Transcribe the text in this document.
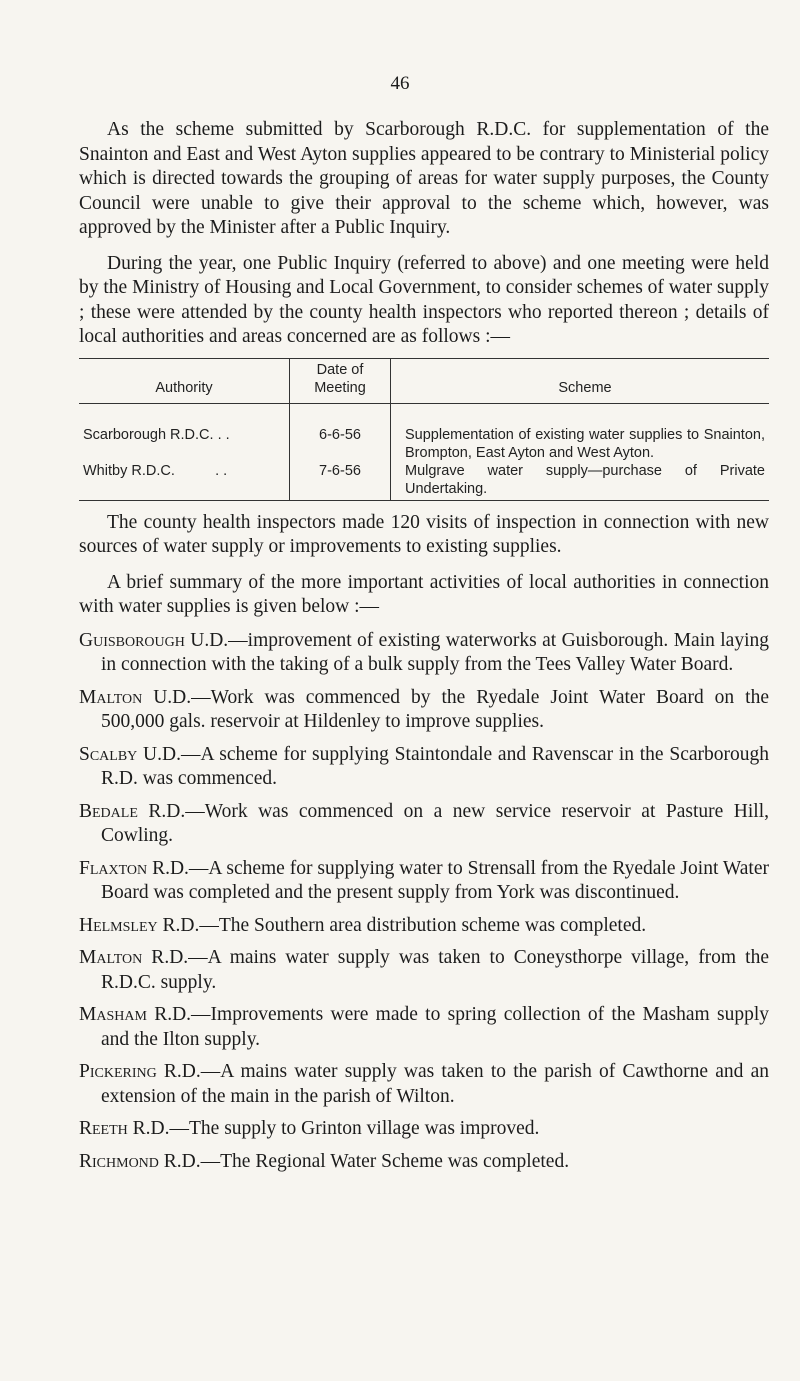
46

As the scheme submitted by Scarborough R.D.C. for supplementation of the Snainton and East and West Ayton supplies appeared to be contrary to Ministerial policy which is directed towards the grouping of areas for water supply purposes, the County Council were unable to give their approval to the scheme which, however, was approved by the Minister after a Public Inquiry.

During the year, one Public Inquiry (referred to above) and one meeting were held by the Ministry of Housing and Local Government, to consider schemes of water supply ; these were attended by the county health inspectors who reported thereon ; details of local authorities and areas concerned are as follows :—

Authority	Date of Meeting	Scheme
Scarborough R.D.C. . .	6-6-56	Supplementation of existing water supplies to Snainton, Brompton, East Ayton and West Ayton.
Whitby R.D.C.          . .	7-6-56	Mulgrave water supply—purchase of Private Undertaking.

The county health inspectors made 120 visits of inspection in connection with new sources of water supply or improvements to existing supplies.

A brief summary of the more important activities of local authorities in connection with water supplies is given below :—

Guisborough U.D.—improvement of existing waterworks at Guisborough. Main laying in connection with the taking of a bulk supply from the Tees Valley Water Board.

Malton U.D.—Work was commenced by the Ryedale Joint Water Board on the 500,000 gals. reservoir at Hildenley to improve supplies.

Scalby U.D.—A scheme for supplying Staintondale and Ravenscar in the Scarborough R.D. was commenced.

Bedale R.D.—Work was commenced on a new service reservoir at Pasture Hill, Cowling.

Flaxton R.D.—A scheme for supplying water to Strensall from the Ryedale Joint Water Board was completed and the present supply from York was discontinued.

Helmsley R.D.—The Southern area distribution scheme was completed.

Malton R.D.—A mains water supply was taken to Coneysthorpe village, from the R.D.C. supply.

Masham R.D.—Improvements were made to spring collection of the Masham supply and the Ilton supply.

Pickering R.D.—A mains water supply was taken to the parish of Cawthorne and an extension of the main in the parish of Wilton.

Reeth R.D.—The supply to Grinton village was improved.

Richmond R.D.—The Regional Water Scheme was completed.
